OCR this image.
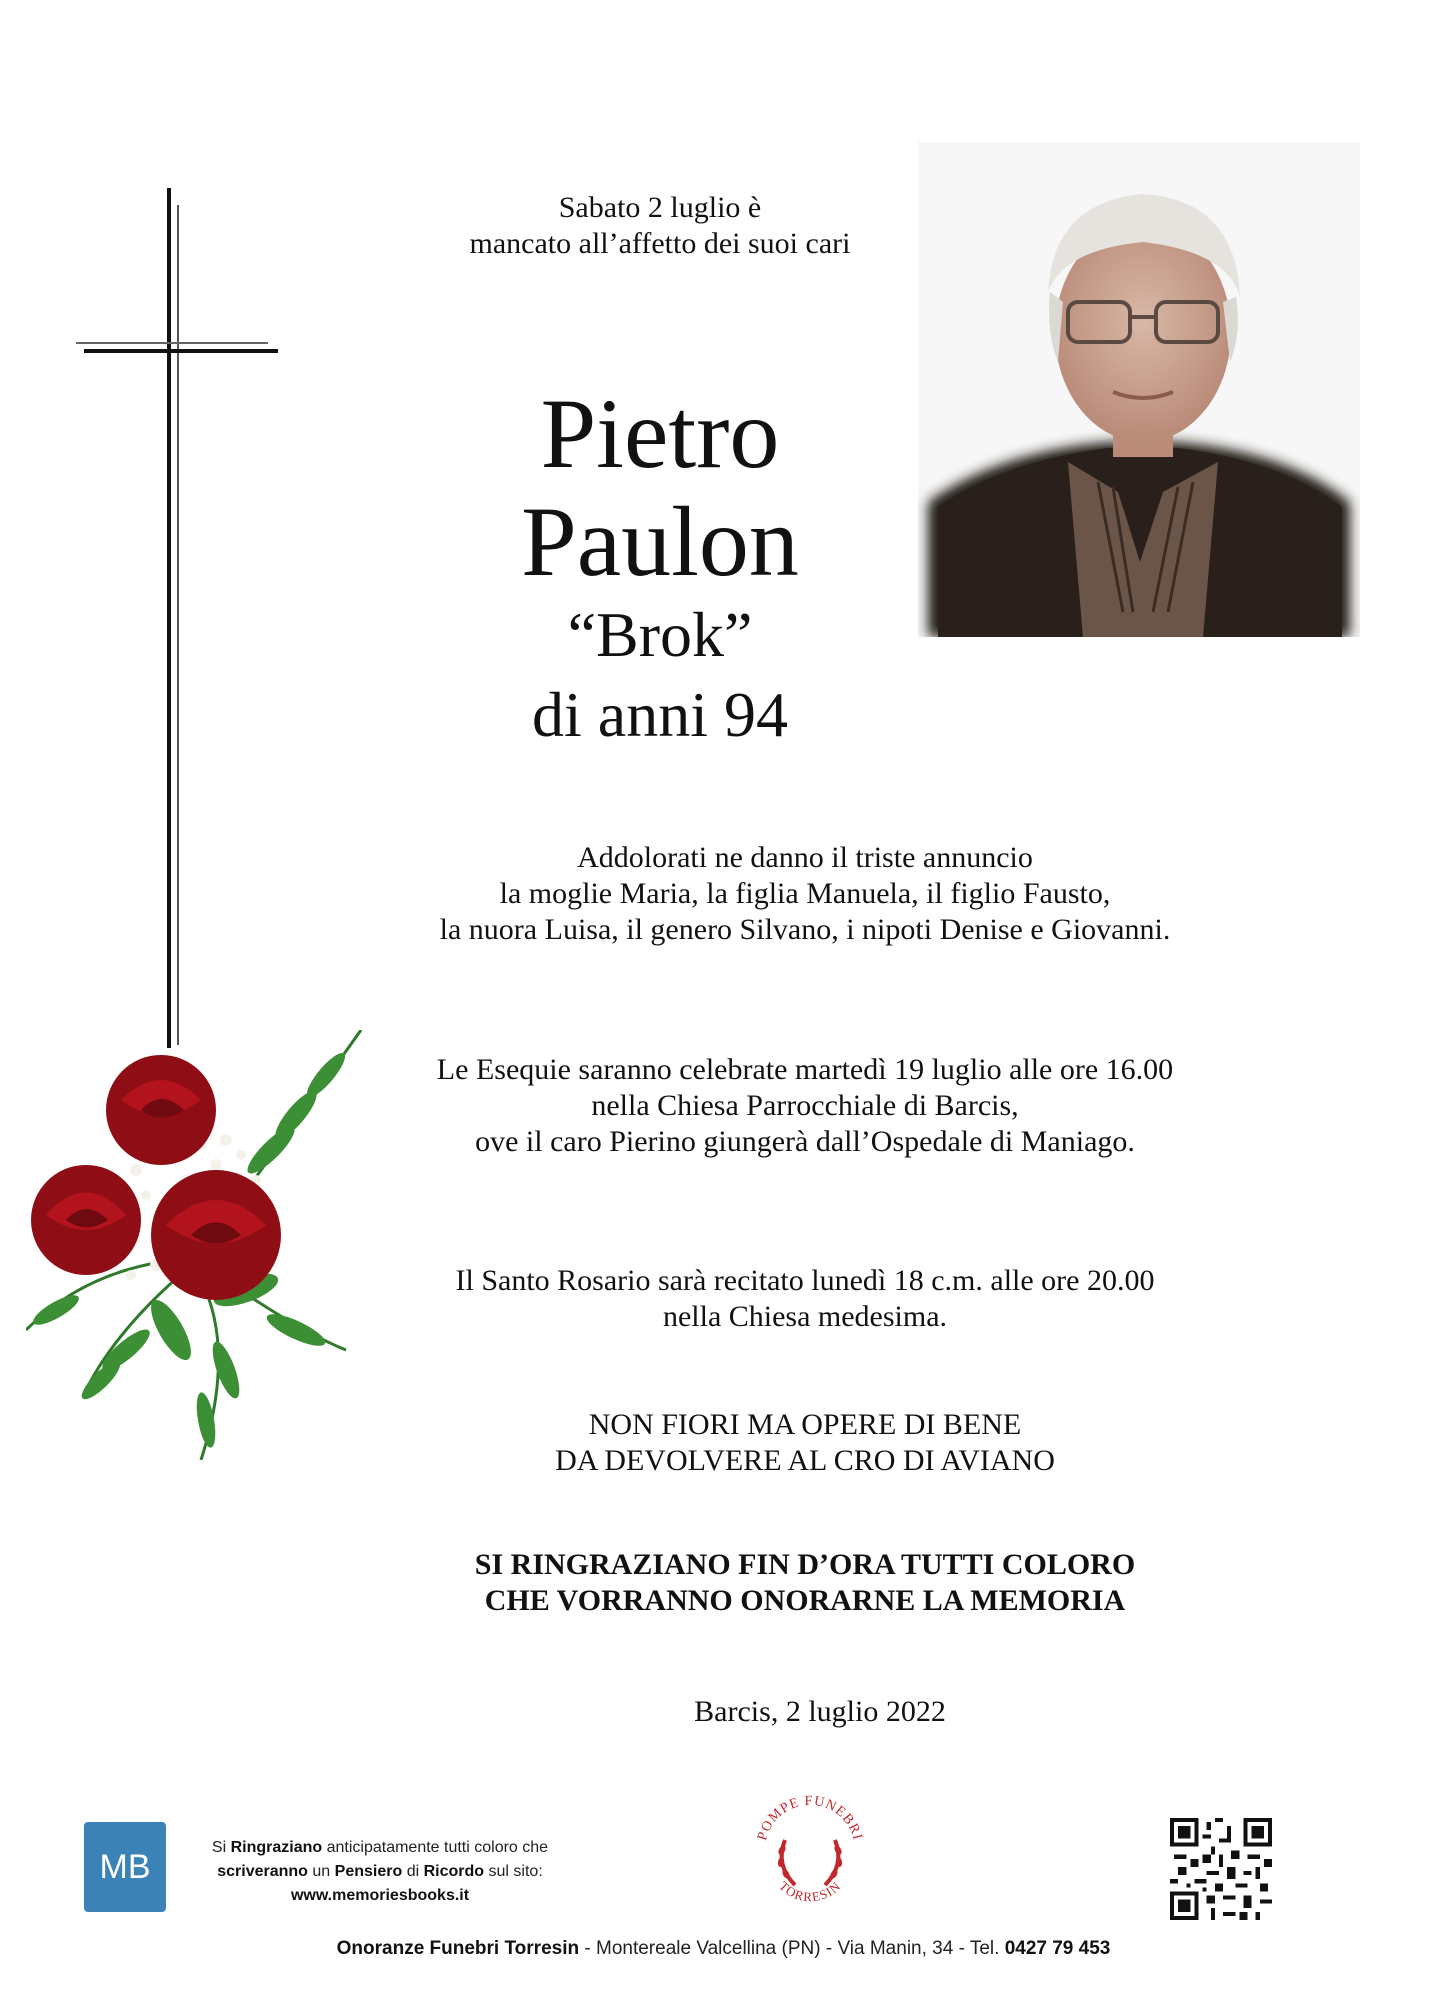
Sabato 2 luglio è
mancato all’affetto dei suoi cari
Pietro
Paulon
“Brok”
di anni 94
Addolorati ne danno il triste annuncio
la moglie Maria, la figlia Manuela, il figlio Fausto,
la nuora Luisa, il genero Silvano, i nipoti Denise e Giovanni.
Le Esequie saranno celebrate martedì 19 luglio alle ore 16.00
nella Chiesa Parrocchiale di Barcis,
ove il caro Pierino giungerà dall’Ospedale di Maniago.
Il Santo Rosario sarà recitato lunedì 18 c.m. alle ore 20.00
nella Chiesa medesima.
NON FIORI MA OPERE DI BENE
DA DEVOLVERE AL CRO DI AVIANO
SI RINGRAZIANO FIN D’ORA TUTTI COLORO
CHE VORRANNO ONORARNE LA MEMORIA
Barcis, 2 luglio 2022
MB	Si Ringraziano anticipatamente tutti coloro che
scriveranno un Pensiero di Ricordo sul sito:
www.memoriesbooks.it
POMPE FUNEBRI
TORRESIN
Onoranze Funebri Torresin - Montereale Valcellina (PN) - Via Manin, 34 - Tel. 0427 79 453
